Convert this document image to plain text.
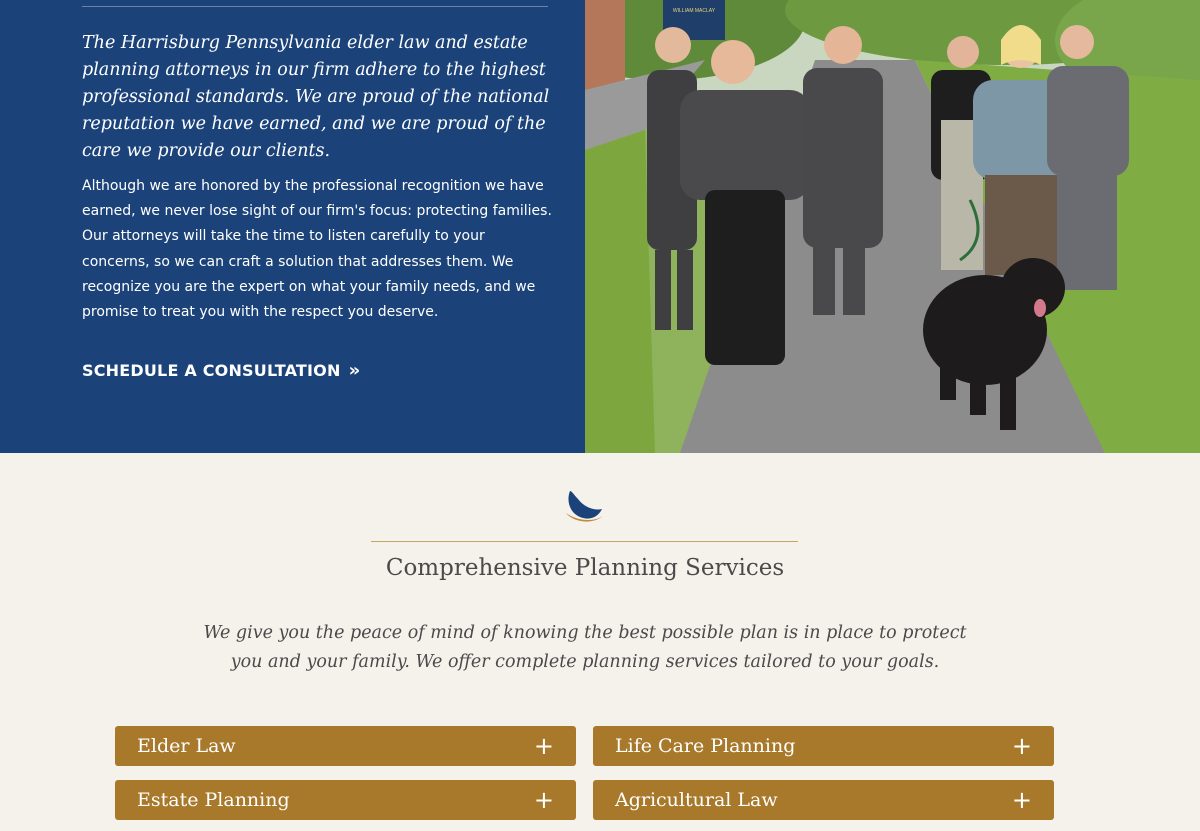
The Harrisburg Pennsylvania elder law and estate planning attorneys in our firm adhere to the highest professional standards. We are proud of the national reputation we have earned, and we are proud of the care we provide our clients.

Although we are honored by the professional recognition we have earned, we never lose sight of our firm's focus: protecting families. Our attorneys will take the time to listen carefully to your concerns, so we can craft a solution that addresses them. We recognize you are the expert on what your family needs, and we promise to treat you with the respect you deserve.

SCHEDULE A CONSULTATION »
WILLIAM MACLAY
Comprehensive Planning Services

We give you the peace of mind of knowing the best possible plan is in place to protect you and your family. We offer complete planning services tailored to your goals.

Elder Law	+	Life Care Planning	+
Estate Planning	+	Agricultural Law	+
